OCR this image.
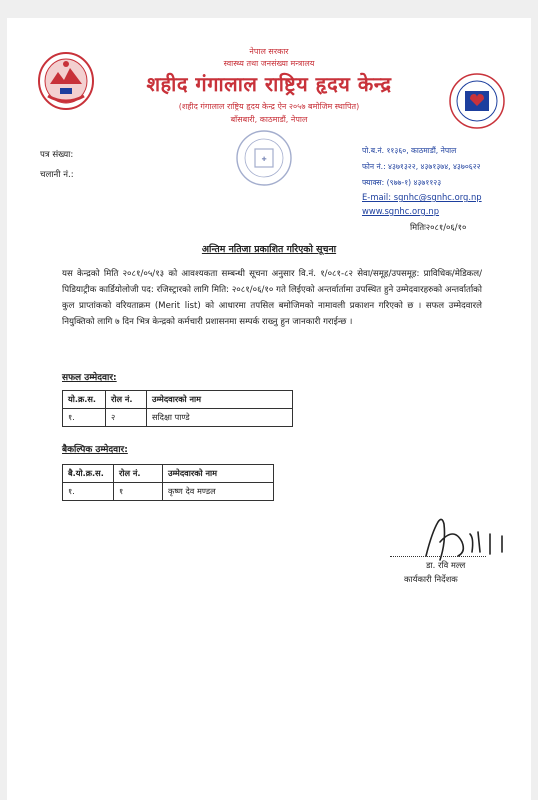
✚
नेपाल सरकार
स्वास्थ्य तथा जनसंख्या मन्त्रालय
शहीद गंगालाल राष्ट्रिय हृदय केन्द्र
(शहीद गंगालाल राष्ट्रिय हृदय केन्द्र ऐन २०५७ बमोजिम स्थापित)
बाँसबारी, काठमाडौं, नेपाल
पत्र संख्या:
चलानी नं.:
पो.ब.नं. ११३६०, काठमाडौं, नेपाल
फोन नं.: ४३७१३२२, ४३७१३७४, ४३७०६२२
फ्याक्स: (९७७-१) ४३७११२३
E-mail: sgnhc@sgnhc.org.np
www.sgnhc.org.np
मितिः२०८१/०६/१०
अन्तिम नतिजा प्रकाशित गरिएको सूचना
यस केन्द्रको मिति २०८१/०५/१३ को आवश्यकता सम्बन्धी सूचना अनुसार वि.नं. १/०८१-८२ सेवा/समूह/उपसमूह: प्राविधिक/मेडिकल/ पिडियाट्रीक कार्डियोलोजी पद: रजिस्ट्रारको लागि मिति: २०८१/०६/१० गते लिईएको अन्तर्वार्तामा उपस्थित हुने उम्मेदवारहरुको अन्तर्वार्ताको कुल प्राप्तांकको वरियताक्रम (Merit list) को आधारमा तपसिल बमोजिमको नामावली प्रकाशन गरिएको छ । सफल उम्मेदवारले नियुक्तिको लागि ७ दिन भित्र केन्द्रको कर्मचारी प्रशासनमा सम्पर्क राख्नु हुन जानकारी गराईन्छ ।
सफल उम्मेदवार:
यो.क्र.स.	रोल नं.	उम्मेदवारको नाम
१.	२	सदिक्षा पाण्डे
बैकल्पिक उम्मेदवार:
बै.यो.क्र.स.	रोल नं.	उम्मेदवारको नाम
१.	१	कृष्ण देव मण्डल
डा. रवि मल्ल
कार्यकारी निर्देशक
